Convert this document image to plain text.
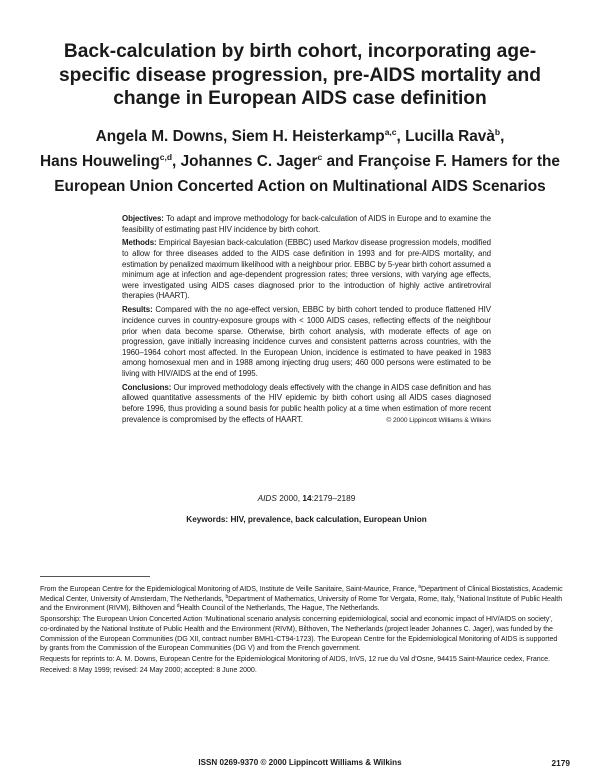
Back-calculation by birth cohort, incorporating age-
specific disease progression, pre-AIDS mortality and
change in European AIDS case definition
Angela M. Downs, Siem H. Heisterkamp$^{a,c}$, Lucilla Ravà$^b$,
Hans Houweling$^{c,d}$, Johannes C. Jager$^c$ and Françoise F. Hamers for the
European Union Concerted Action on Multinational AIDS Scenarios

Objectives: To adapt and improve methodology for back-calculation of AIDS in Europe and to examine the feasibility of estimating past HIV incidence by birth cohort.

Methods: Empirical Bayesian back-calculation (EBBC) used Markov disease progression models, modified to allow for three diseases added to the AIDS case definition in 1993 and for pre-AIDS mortality, and estimation by penalized maximum likelihood with a neighbour prior. EBBC by 5-year birth cohort assumed a minimum age at infection and age-dependent progression rates; three versions, with varying age effects, were investigated using AIDS cases diagnosed prior to the introduction of highly active antiretroviral therapies (HAART).

Results: Compared with the no age-effect version, EBBC by birth cohort tended to produce flattened HIV incidence curves in country-exposure groups with < 1000 AIDS cases, reflecting effects of the neighbour prior when data become sparse. Otherwise, birth cohort analysis, with moderate effects of age on progression, gave initially increasing incidence curves and consistent patterns across countries, with the 1960–1964 cohort most affected. In the European Union, incidence is estimated to have peaked in 1983 among homosexual men and in 1988 among injecting drug users; 460 000 persons were estimated to be living with HIV/AIDS at the end of 1995.

Conclusions: Our improved methodology deals effectively with the change in AIDS case definition and has allowed quantitative assessments of the HIV epidemic by birth cohort using all AIDS cases diagnosed before 1996, thus providing a sound basis for public health policy at a time when estimation of more recent prevalence is compromised by the effects of HAART.	© 2000 Lippincott Williams & Wilkins

AIDS 2000, 14:2179–2189
Keywords: HIV, prevalence, back calculation, European Union

From the European Centre for the Epidemiological Monitoring of AIDS, Institute de Veille Sanitaire, Saint-Maurice, France, $^a$Department of Clinical Biostatistics, Academic Medical Center, University of Amsterdam, The Netherlands, $^b$Department of Mathematics, University of Rome Tor Vergata, Rome, Italy, $^c$National Institute of Public Health and the Environment (RIVM), Bilthoven and $^d$Health Council of the Netherlands, The Hague, The Netherlands.

Sponsorship: The European Union Concerted Action ‘Multinational scenario analysis concerning epidemiological, social and economic impact of HIV/AIDS on society’, co-ordinated by the National Institute of Public Health and the Environment (RIVM), Bilthoven, The Netherlands (project leader Johannes C. Jager), was funded by the Commission of the European Communities (DG XII, contract number BMH1-CT94-1723). The European Centre for the Epidemiological Monitoring of AIDS is supported by grants from the Commission of the European Communities (DG V) and from the French government.

Requests for reprints to: A. M. Downs, European Centre for the Epidemiological Monitoring of AIDS, InVS, 12 rue du Val d’Osne, 94415 Saint-Maurice cedex, France.

Received: 8 May 1999; revised: 24 May 2000; accepted: 8 June 2000.

ISSN 0269-9370 © 2000 Lippincott Williams & Wilkins	2179
